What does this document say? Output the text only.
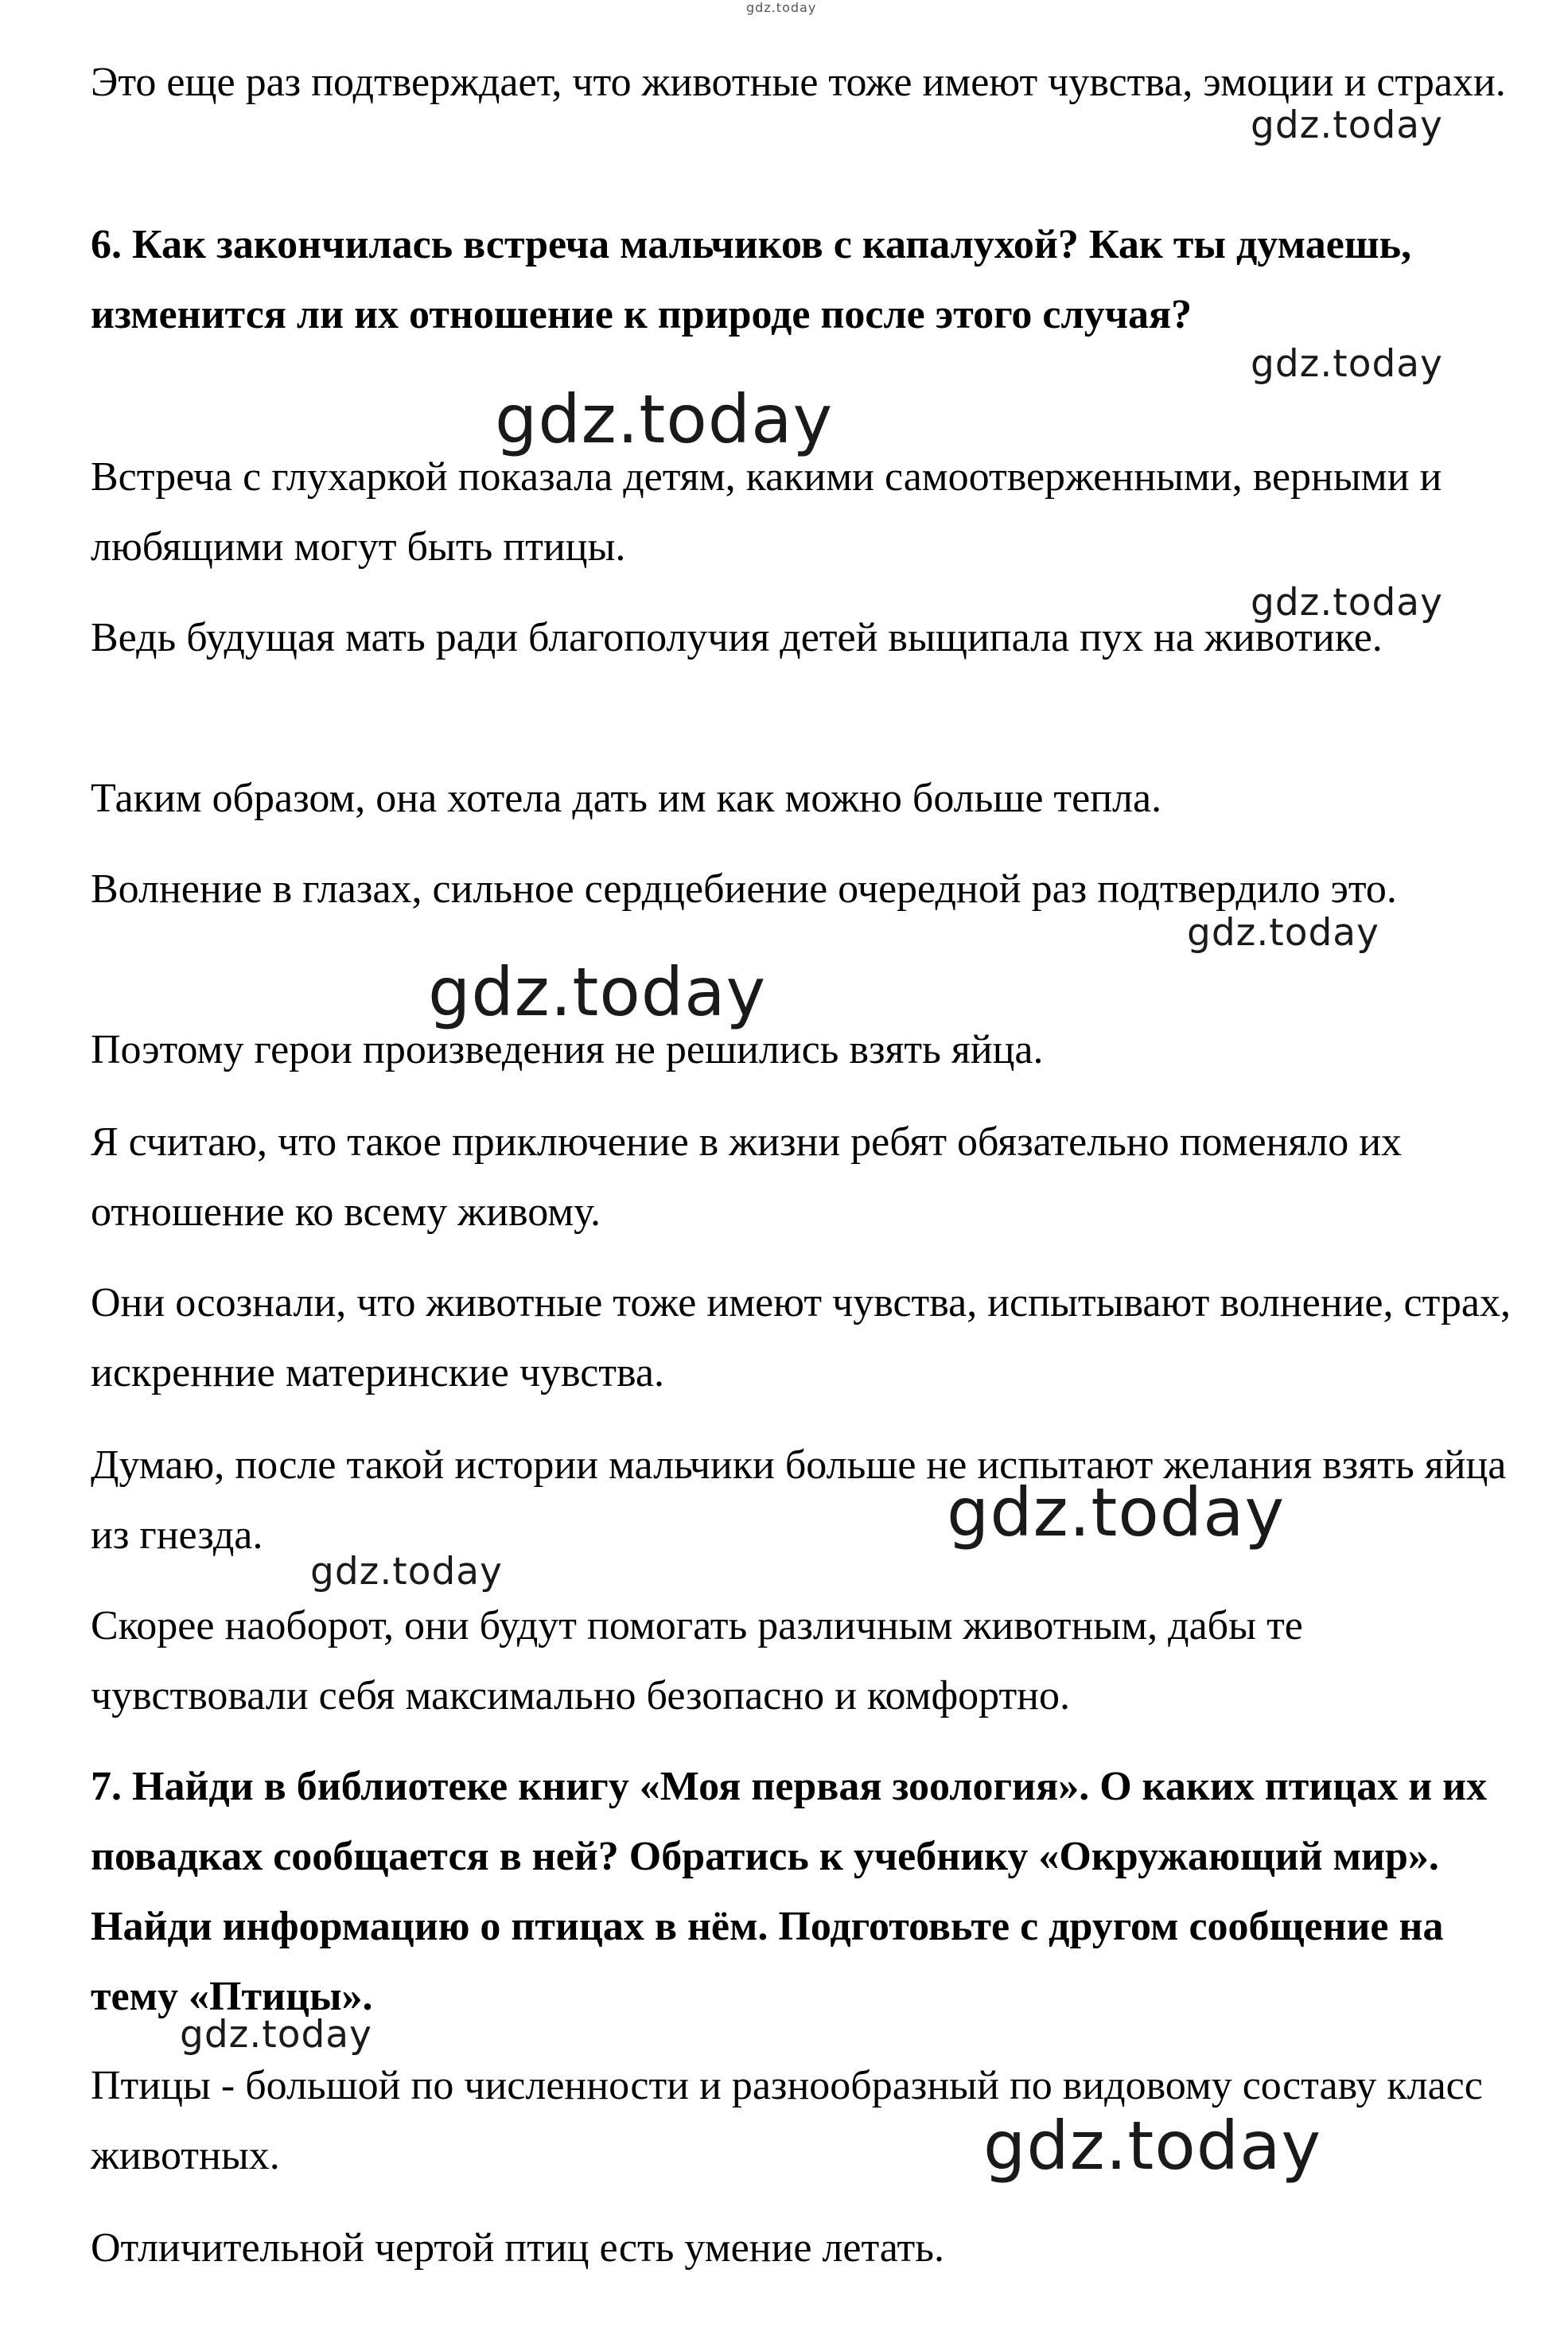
gdz.today

Это еще раз подтверждает, что животные тоже имеют чувства, эмоции и страхи.

6. Как закончилась встреча мальчиков с капалухой? Как ты думаешь, изменится ли их отношение к природе после этого случая?

Встреча с глухаркой показала детям, какими самоотверженными, верными и любящими могут быть птицы.

Ведь будущая мать ради благополучия детей выщипала пух на животике.

Таким образом, она хотела дать им как можно больше тепла.

Волнение в глазах, сильное сердцебиение очередной раз подтвердило это.

Поэтому герои произведения не решились взять яйца.

Я считаю, что такое приключение в жизни ребят обязательно поменяло их отношение ко всему живому.

Они осознали, что животные тоже имеют чувства, испытывают волнение, страх, искренние материнские чувства.

Думаю, после такой истории мальчики больше не испытают желания взять яйца из гнезда.

Скорее наоборот, они будут помогать различным животным, дабы те чувствовали себя максимально безопасно и комфортно.

7. Найди в библиотеке книгу «Моя первая зоология». О каких птицах и их повадках сообщается в ней? Обратись к учебнику «Окружающий мир». Найди информацию о птицах в нём. Подготовьте с другом сообщение на тему «Птицы».

Птицы - большой по численности и разнообразный по видовому составу класс животных.

Отличительной чертой птиц есть умение летать.

gdz.today
gdz.today
gdz.today
gdz.today
gdz.today
gdz.today
gdz.today
gdz.today
gdz.today
gdz.today
